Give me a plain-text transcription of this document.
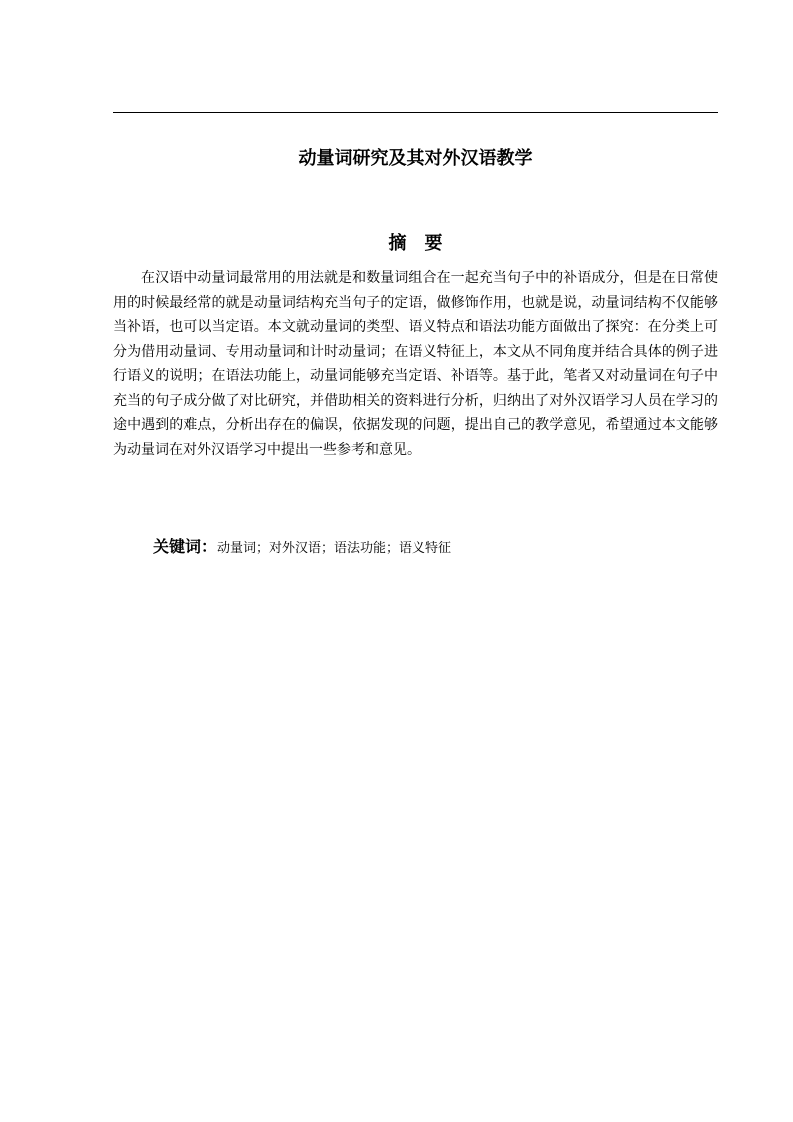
动量词研究及其对外汉语教学
摘要

在汉语中动量词最常用的用法就是和数量词组合在一起充当句子中的补语成分，但是在日常使用的时候最经常的就是动量词结构充当句子的定语，做修饰作用，也就是说，动量词结构不仅能够当补语，也可以当定语。本文就动量词的类型、语义特点和语法功能方面做出了探究：在分类上可分为借用动量词、专用动量词和计时动量词；在语义特征上，本文从不同角度并结合具体的例子进行语义的说明；在语法功能上，动量词能够充当定语、补语等。基于此，笔者又对动量词在句子中充当的句子成分做了对比研究，并借助相关的资料进行分析，归纳出了对外汉语学习人员在学习的途中遇到的难点，分析出存在的偏误，依据发现的问题，提出自己的教学意见，希望通过本文能够为动量词在对外汉语学习中提出一些参考和意见。

关键词：动量词；对外汉语；语法功能；语义特征
